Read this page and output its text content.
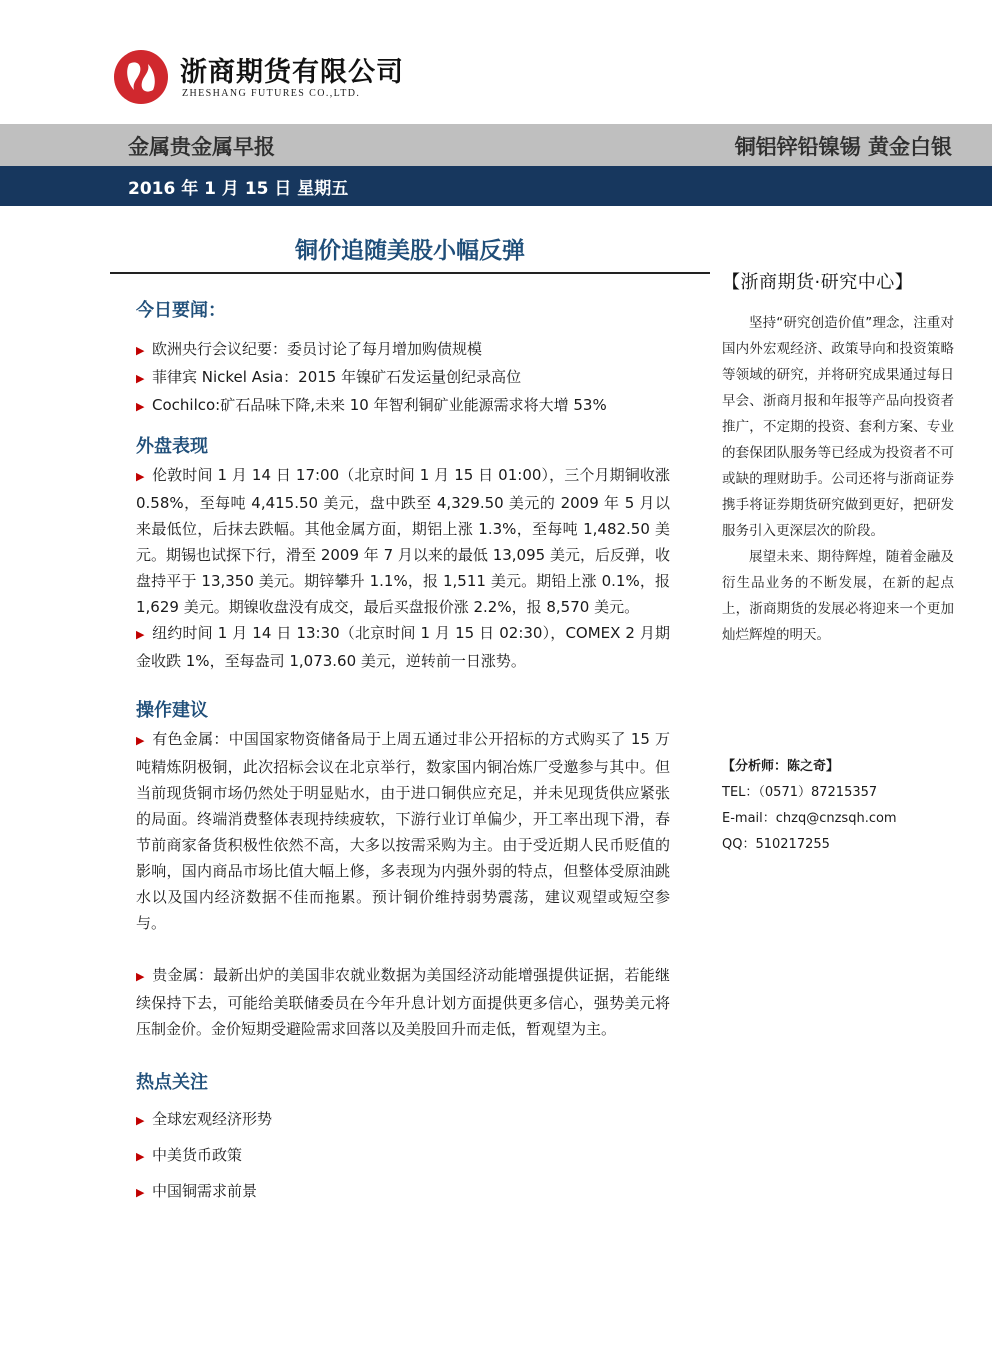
浙商期货有限公司
ZHESHANG FUTURES CO.,LTD.
金属贵金属早报	铜铝锌铅镍锡 黄金白银
2016 年 1 月 15 日 星期五
铜价追随美股小幅反弹
今日要闻：

▶ 欧洲央行会议纪要：委员讨论了每月增加购债规模

▶ 菲律宾 Nickel Asia：2015 年镍矿石发运量创纪录高位

▶ Cochilco:矿石品味下降,未来 10 年智利铜矿业能源需求将大增 53%

外盘表现

▶ 伦敦时间 1 月 14 日 17:00（北京时间 1 月 15 日 01:00），三个月期铜收涨 0.58%，至每吨 4,415.50 美元，盘中跌至 4,329.50 美元的 2009 年 5 月以来最低位，后抹去跌幅。其他金属方面，期铝上涨 1.3%，至每吨 1,482.50 美元。期锡也试探下行，滑至 2009 年 7 月以来的最低 13,095 美元，后反弹，收盘持平于 13,350 美元。期锌攀升 1.1%，报 1,511 美元。期铅上涨 0.1%，报 1,629 美元。期镍收盘没有成交，最后买盘报价涨 2.2%，报 8,570 美元。

▶ 纽约时间 1 月 14 日 13:30（北京时间 1 月 15 日 02:30），COMEX 2 月期金收跌 1%，至每盎司 1,073.60 美元，逆转前一日涨势。

操作建议

▶ 有色金属：中国国家物资储备局于上周五通过非公开招标的方式购买了 15 万吨精炼阴极铜，此次招标会议在北京举行，数家国内铜冶炼厂受邀参与其中。但当前现货铜市场仍然处于明显贴水，由于进口铜供应充足，并未见现货供应紧张的局面。终端消费整体表现持续疲软，下游行业订单偏少，开工率出现下滑，春节前商家备货积极性依然不高，大多以按需采购为主。由于受近期人民币贬值的影响，国内商品市场比值大幅上修，多表现为内强外弱的特点，但整体受原油跳水以及国内经济数据不佳而拖累。预计铜价维持弱势震荡，建议观望或短空参与。

▶ 贵金属：最新出炉的美国非农就业数据为美国经济动能增强提供证据，若能继续保持下去，可能给美联储委员在今年升息计划方面提供更多信心，强势美元将压制金价。金价短期受避险需求回落以及美股回升而走低，暂观望为主。

热点关注

▶ 全球宏观经济形势

▶ 中美货币政策

▶ 中国铜需求前景

【浙商期货·研究中心】

坚持“研究创造价值”理念，注重对国内外宏观经济、政策导向和投资策略等领域的研究，并将研究成果通过每日早会、浙商月报和年报等产品向投资者推广，不定期的投资、套利方案、专业的套保团队服务等已经成为投资者不可或缺的理财助手。公司还将与浙商证券携手将证券期货研究做到更好，把研发服务引入更深层次的阶段。

展望未来、期待辉煌，随着金融及衍生品业务的不断发展，在新的起点上，浙商期货的发展必将迎来一个更加灿烂辉煌的明天。

【分析师：陈之奇】
TEL：（0571）87215357
E-mail：chzq@cnzsqh.com
QQ：510217255
